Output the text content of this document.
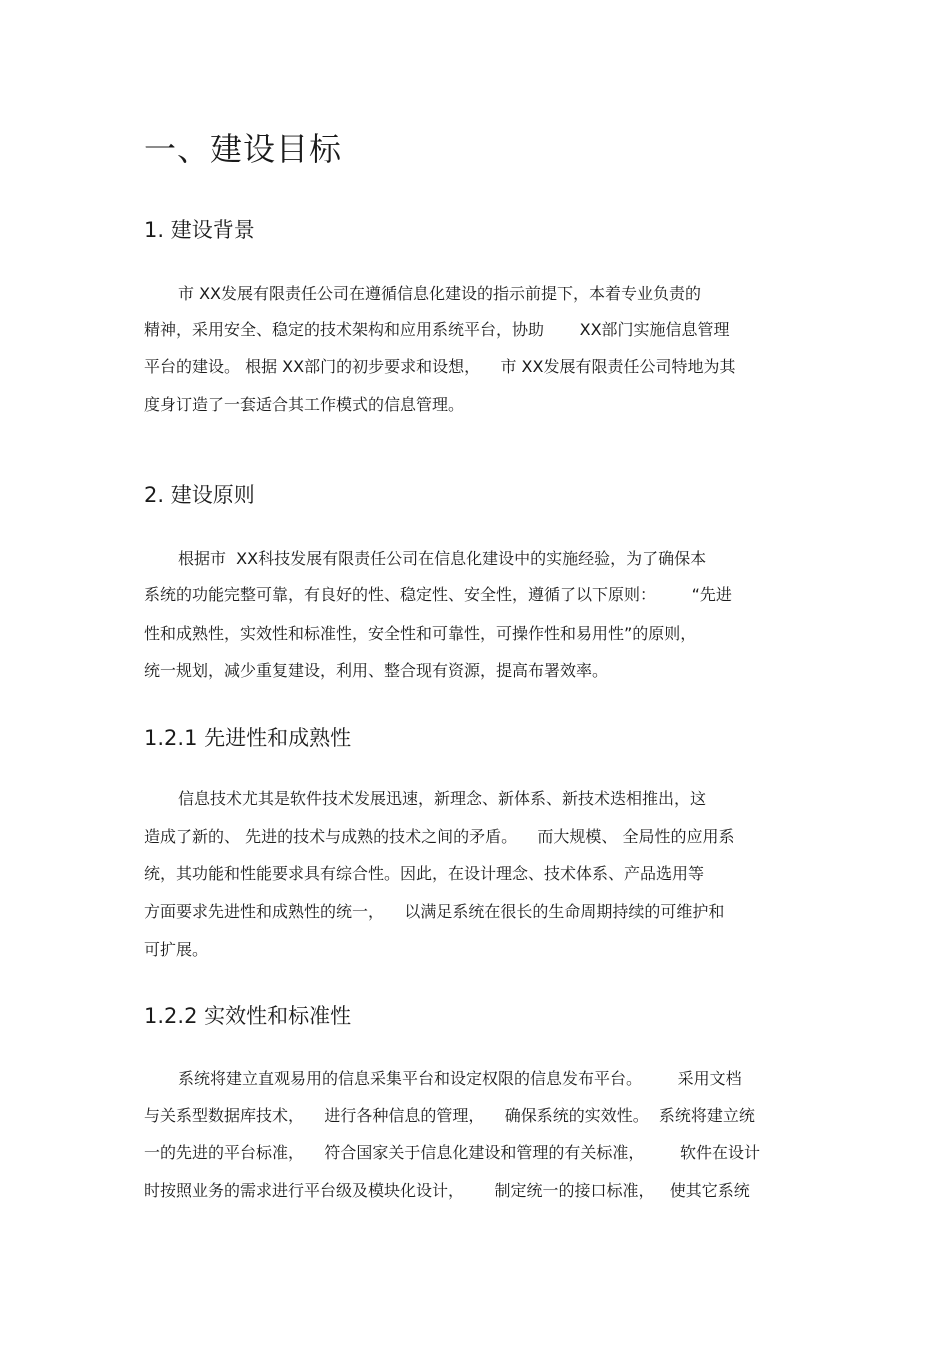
一、建设目标
1. 建设背景
市 XX发展有限责任公司在遵循信息化建设的指示前提下，本着专业负责的
精神，采用安全、稳定的技术架构和应用系统平台，协助       XX部门实施信息管理
平台的建设。 根据 XX部门的初步要求和设想，    市 XX发展有限责任公司特地为其
度身订造了一套适合其工作模式的信息管理。
2. 建设原则
根据市  XX科技发展有限责任公司在信息化建设中的实施经验，为了确保本
系统的功能完整可靠，有良好的性、稳定性、安全性，遵循了以下原则：       “先进
性和成熟性，实效性和标准性，安全性和可靠性，可操作性和易用性”的原则，
统一规划，减少重复建设，利用、整合现有资源，提高布署效率。
1.2.1 先进性和成熟性
信息技术尤其是软件技术发展迅速，新理念、新体系、新技术迭相推出，这
造成了新的、 先进的技术与成熟的技术之间的矛盾。    而大规模、 全局性的应用系
统，其功能和性能要求具有综合性。因此，在设计理念、技术体系、产品选用等
方面要求先进性和成熟性的统一，    以满足系统在很长的生命周期持续的可维护和
可扩展。
1.2.2 实效性和标准性
系统将建立直观易用的信息采集平台和设定权限的信息发布平台。       采用文档
与关系型数据库技术，    进行各种信息的管理，    确保系统的实效性。  系统将建立统
一的先进的平台标准，    符合国家关于信息化建设和管理的有关标准，       软件在设计
时按照业务的需求进行平台级及模块化设计，      制定统一的接口标准，   使其它系统
